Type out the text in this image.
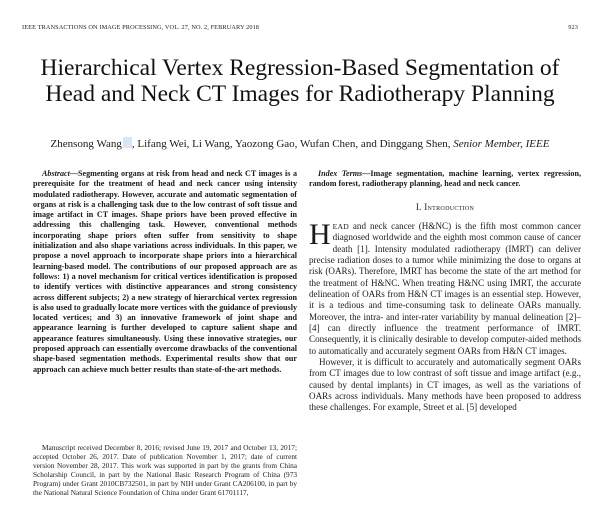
IEEE TRANSACTIONS ON IMAGE PROCESSING, VOL. 27, NO. 2, FEBRUARY 2018	923
Hierarchical Vertex Regression-Based Segmentation of Head and Neck CT Images for Radiotherapy Planning
Zhensong Wang , Lifang Wei, Li Wang, Yaozong Gao, Wufan Chen, and Dinggang Shen, Senior Member, IEEE

Abstract—Segmenting organs at risk from head and neck CT images is a prerequisite for the treatment of head and neck cancer using intensity modulated radiotherapy. However, accurate and automatic segmentation of organs at risk is a challenging task due to the low contrast of soft tissue and image artifact in CT images. Shape priors have been proved effective in addressing this challenging task. However, conventional methods incorporating shape priors often suffer from sensitivity to shape initialization and also shape variations across individuals. In this paper, we propose a novel approach to incorporate shape priors into a hierarchical learning-based model. The contributions of our proposed approach are as follows: 1) a novel mechanism for critical vertices identification is proposed to identify vertices with distinctive appearances and strong consistency across different subjects; 2) a new strategy of hierarchical vertex regression is also used to gradually locate more vertices with the guidance of previously located vertices; and 3) an innovative framework of joint shape and appearance learning is further developed to capture salient shape and appearance features simultaneously. Using these innovative strategies, our proposed approach can essentially overcome drawbacks of the conventional shape-based segmentation methods. Experimental results show that our approach can achieve much better results than state-of-the-art methods.

Manuscript received December 8, 2016; revised June 19, 2017 and October 13, 2017; accepted October 26, 2017. Date of publication November 1, 2017; date of current version November 28, 2017. This work was supported in part by the grants from China Scholarship Council, in part by the National Basic Research Program of China (973 Program) under Grant 2010CB732501, in part by NIH under Grant CA206100, in part by the National Natural Science Foundation of China under Grant 61701117,

Index Terms—Image segmentation, machine learning, vertex regression, random forest, radiotherapy planning, head and neck cancer.

I. Introduction

HEAD and neck cancer (H&NC) is the fifth most common cancer diagnosed worldwide and the eighth most common cause of cancer death [1]. Intensity modulated radiotherapy (IMRT) can deliver precise radiation doses to a tumor while minimizing the dose to organs at risk (OARs). Therefore, IMRT has become the state of the art method for the treatment of H&NC. When treating H&NC using IMRT, the accurate delineation of OARs from H&N CT images is an essential step. However, it is a tedious and time-consuming task to delineate OARs manually. Moreover, the intra- and inter-rater variability by manual delineation [2]–[4] can directly influence the treatment performance of IMRT. Consequently, it is clinically desirable to develop computer-aided methods to automatically and accurately segment OARs from H&N CT images.

However, it is difficult to accurately and automatically segment OARs from CT images due to low contrast of soft tissue and image artifact (e.g., caused by dental implants) in CT images, as well as the variations of OARs across individuals. Many methods have been proposed to address these challenges. For example, Street et al. [5] developed
